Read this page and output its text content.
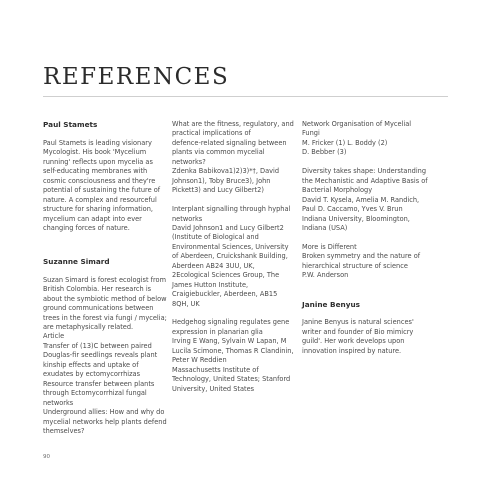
REFERENCES
Paul Stamets

Paul Stamets is leading visionary
Mycologist. His book 'Mycelium
running' reflects upon mycelia as
self-educating membranes with
cosmic consciousness and they're
potential of sustaining the future of
nature. A complex and resourceful
structure for sharing information,
mycelium can adapt into ever
changing forces of nature.

Suzanne Simard

Suzan Simard is forest ecologist from
British Colombia. Her research is
about the symbiotic method of below
ground communications between
trees in the forest via fungi / mycelia;
are metaphysically related.
Article
Transfer of (13)C between paired
Douglas-fir seedlings reveals plant
kinship effects and uptake of
exudates by ectomycorrhizas
Resource transfer between plants
through Ectomycorrhizal fungal
networks
Underground allies: How and why do
mycelial networks help plants defend
themselves?

What are the fitness, regulatory, and
practical implications of
defence-related signaling between
plants via common mycelial
networks?
Zdenka Babikova1)2)3)*†, David
Johnson1), Toby Bruce3), John
Pickett3) and Lucy Gilbert2)

Interplant signalling through hyphal
networks
David Johnson1 and Lucy Gilbert2
(Institute of Biological and
Environmental Sciences, University
of Aberdeen, Cruickshank Building,
Aberdeen AB24 3UU, UK,
2Ecological Sciences Group, The
James Hutton Institute,
Craigiebuckler, Aberdeen, AB15
8QH, UK

Hedgehog signaling regulates gene
expression in planarian glia
Irving E Wang, Sylvain W Lapan, M
Lucila Scimone, Thomas R Clandinin,
Peter W Reddien
Massachusetts Institute of
Technology, United States; Stanford
University, United States

Network Organisation of Mycelial
Fungi
M. Fricker (1) L. Boddy (2)
D. Bebber (3)

Diversity takes shape: Understanding
the Mechanistic and Adaptive Basis of
Bacterial Morphology
David T. Kysela, Amelia M. Randich,
Paul D. Caccamo, Yves V. Brun
Indiana University, Bloomington,
Indiana (USA)

More is Different
Broken symmetry and the nature of
hierarchical structure of science
P.W. Anderson

Janine Benyus

Janine Benyus is natural sciences'
writer and founder of Bio mimicry
guild'. Her work develops upon
innovation inspired by nature.

90
